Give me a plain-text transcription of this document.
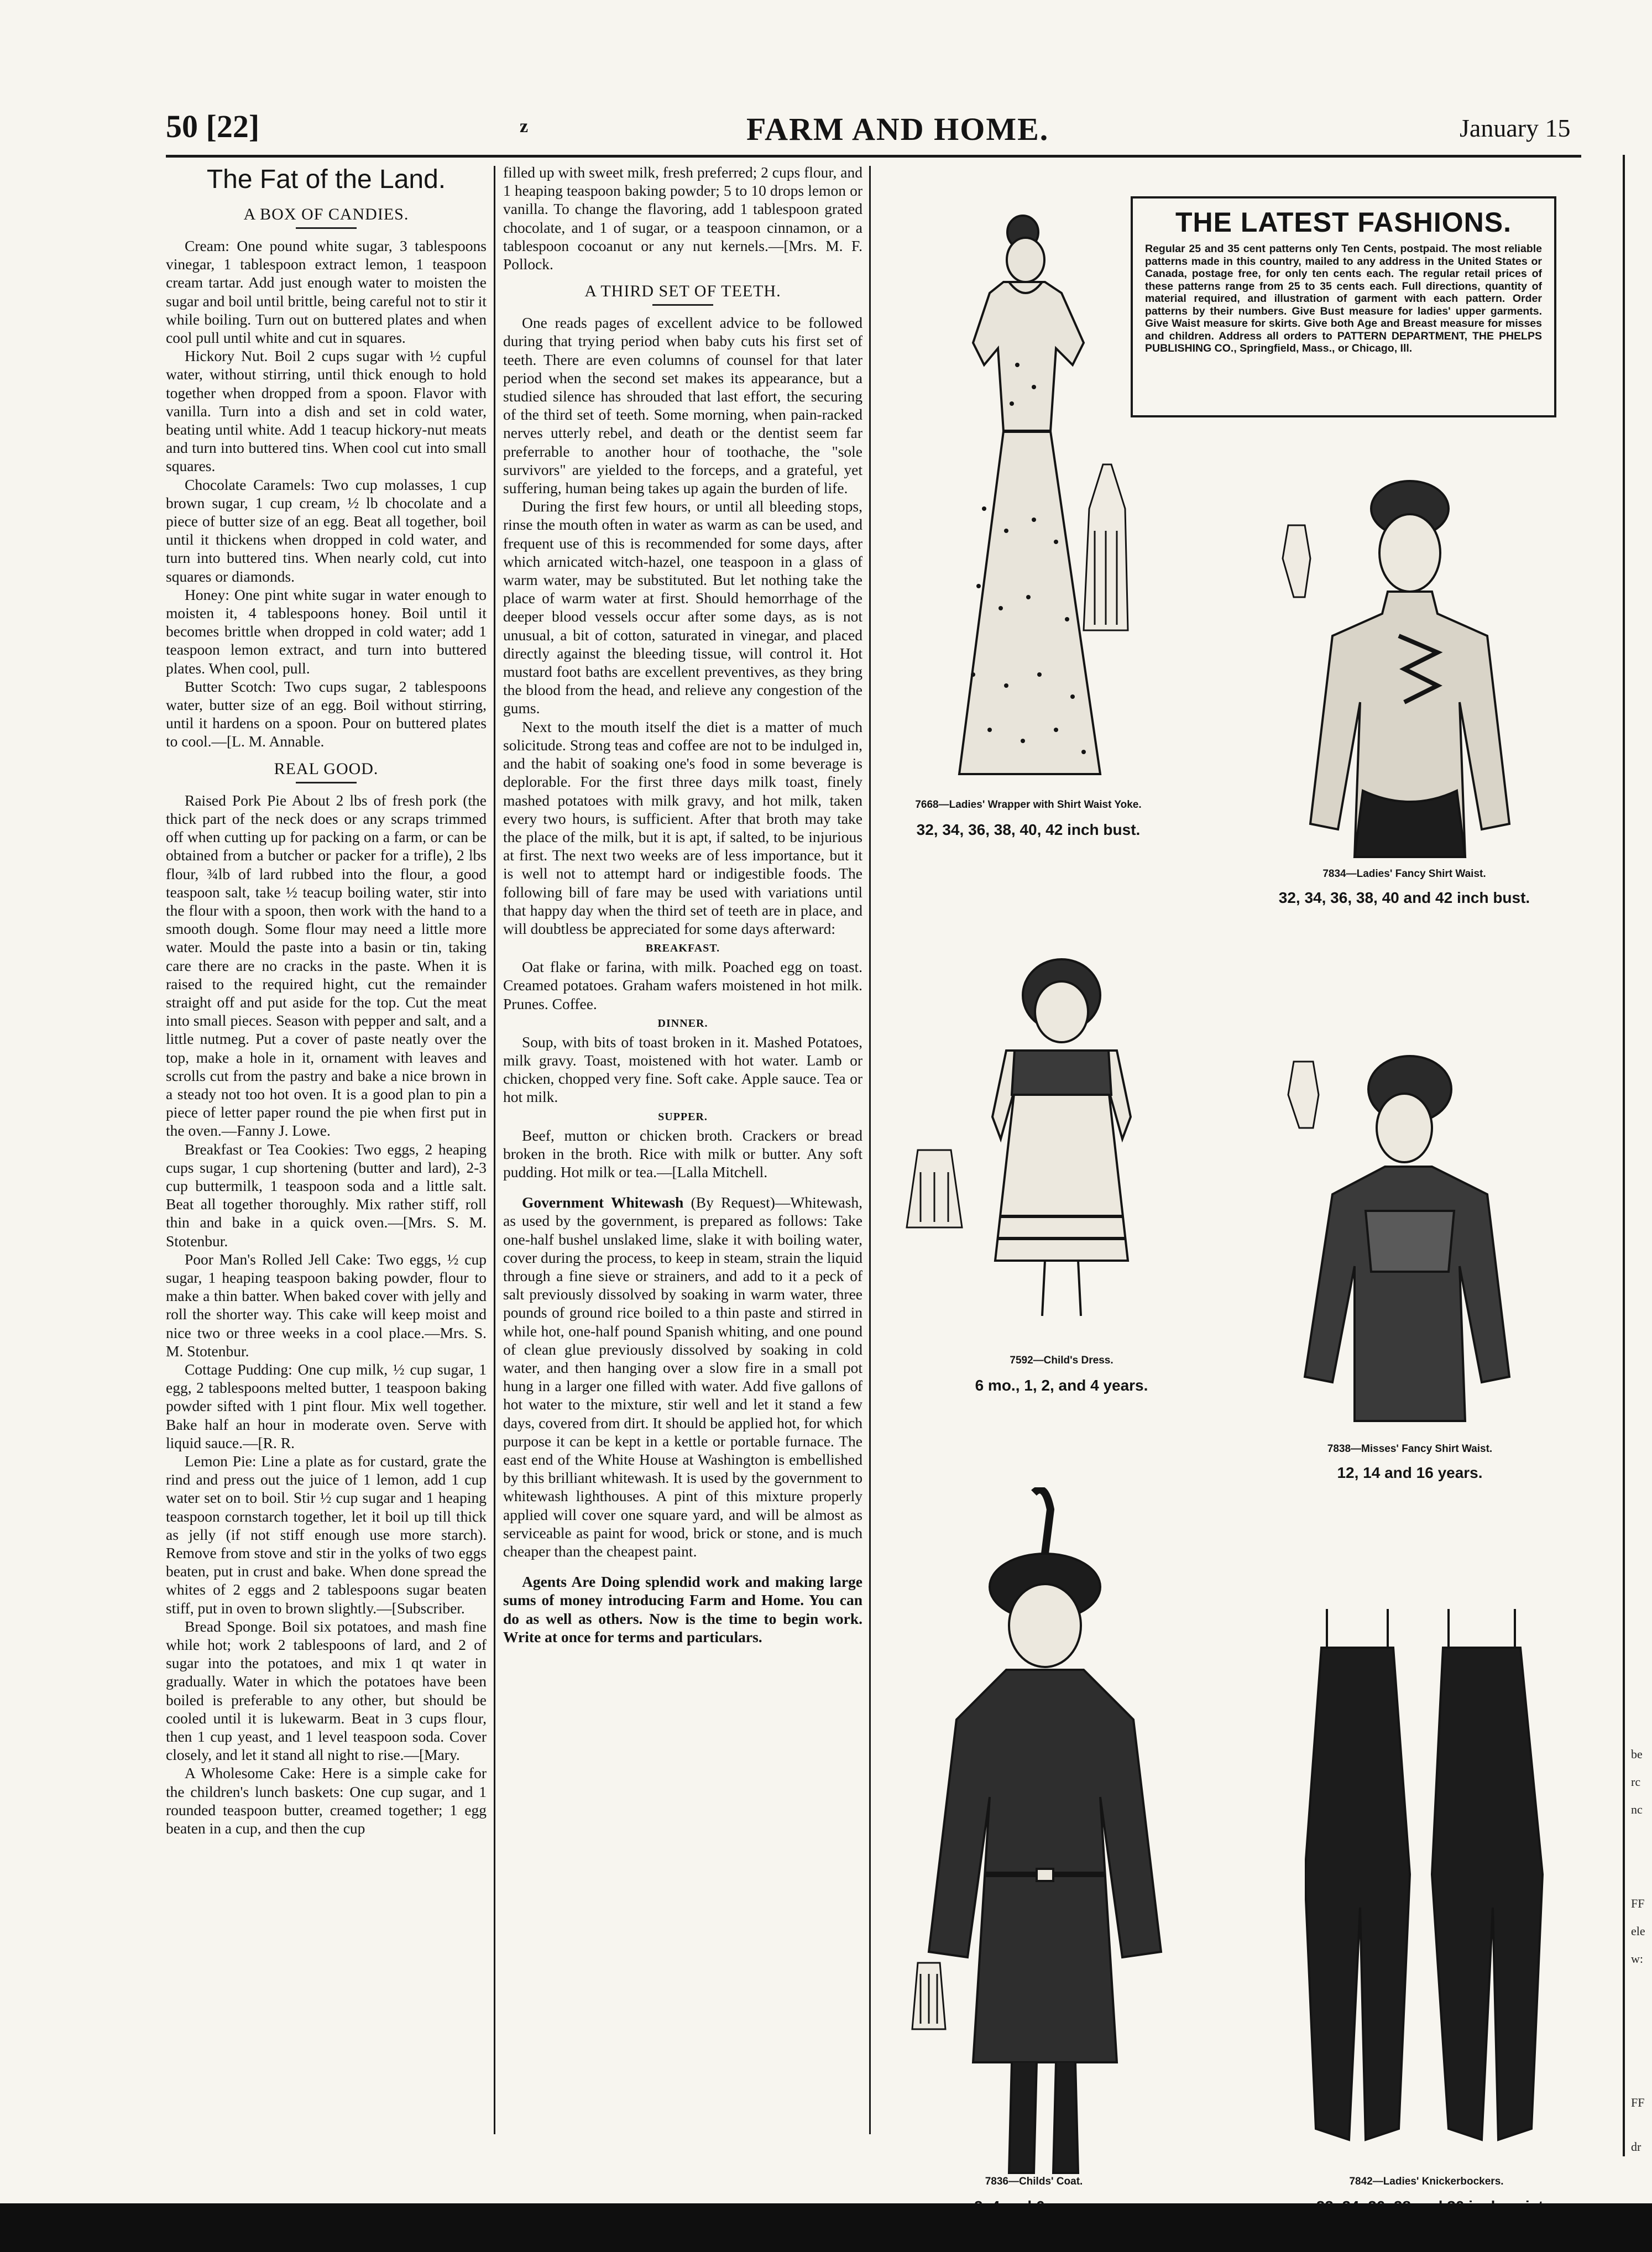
50 [22]	z	FARM AND HOME.	January 15
The Fat of the Land.
A BOX OF CANDIES.

Cream: One pound white sugar, 3 tablespoons vinegar, 1 tablespoon extract lemon, 1 teaspoon cream tartar. Add just enough water to moisten the sugar and boil until brittle, being careful not to stir it while boiling. Turn out on buttered plates and when cool pull until white and cut in squares.

Hickory Nut. Boil 2 cups sugar with ½ cupful water, without stirring, until thick enough to hold together when dropped from a spoon. Flavor with vanilla. Turn into a dish and set in cold water, beating until white. Add 1 teacup hickory-nut meats and turn into buttered tins. When cool cut into small squares.

Chocolate Caramels: Two cup molasses, 1 cup brown sugar, 1 cup cream, ½ lb chocolate and a piece of butter size of an egg. Beat all together, boil until it thickens when dropped in cold water, and turn into buttered tins. When nearly cold, cut into squares or diamonds.

Honey: One pint white sugar in water enough to moisten it, 4 tablespoons honey. Boil until it becomes brittle when dropped in cold water; add 1 teaspoon lemon extract, and turn into buttered plates. When cool, pull.

Butter Scotch: Two cups sugar, 2 tablespoons water, butter size of an egg. Boil without stirring, until it hardens on a spoon. Pour on buttered plates to cool.—[L. M. Annable.

REAL GOOD.

Raised Pork Pie About 2 lbs of fresh pork (the thick part of the neck does or any scraps trimmed off when cutting up for packing on a farm, or can be obtained from a butcher or packer for a trifle), 2 lbs flour, ¾lb of lard rubbed into the flour, a good teaspoon salt, take ½ teacup boiling water, stir into the flour with a spoon, then work with the hand to a smooth dough. Some flour may need a little more water. Mould the paste into a basin or tin, taking care there are no cracks in the paste. When it is raised to the required hight, cut the remainder straight off and put aside for the top. Cut the meat into small pieces. Season with pepper and salt, and a little nutmeg. Put a cover of paste neatly over the top, make a hole in it, ornament with leaves and scrolls cut from the pastry and bake a nice brown in a steady not too hot oven. It is a good plan to pin a piece of letter paper round the pie when first put in the oven.—Fanny J. Lowe.

Breakfast or Tea Cookies: Two eggs, 2 heaping cups sugar, 1 cup shortening (butter and lard), 2-3 cup buttermilk, 1 teaspoon soda and a little salt. Beat all together thoroughly. Mix rather stiff, roll thin and bake in a quick oven.—[Mrs. S. M. Stotenbur.

Poor Man's Rolled Jell Cake: Two eggs, ½ cup sugar, 1 heaping teaspoon baking powder, flour to make a thin batter. When baked cover with jelly and roll the shorter way. This cake will keep moist and nice two or three weeks in a cool place.—Mrs. S. M. Stotenbur.

Cottage Pudding: One cup milk, ½ cup sugar, 1 egg, 2 tablespoons melted butter, 1 teaspoon baking powder sifted with 1 pint flour. Mix well together. Bake half an hour in moderate oven. Serve with liquid sauce.—[R. R.

Lemon Pie: Line a plate as for custard, grate the rind and press out the juice of 1 lemon, add 1 cup water set on to boil. Stir ½ cup sugar and 1 heaping teaspoon cornstarch together, let it boil up till thick as jelly (if not stiff enough use more starch). Remove from stove and stir in the yolks of two eggs beaten, put in crust and bake. When done spread the whites of 2 eggs and 2 tablespoons sugar beaten stiff, put in oven to brown slightly.—[Subscriber.

Bread Sponge. Boil six potatoes, and mash fine while hot; work 2 tablespoons of lard, and 2 of sugar into the potatoes, and mix 1 qt water in gradually. Water in which the potatoes have been boiled is preferable to any other, but should be cooled until it is lukewarm. Beat in 3 cups flour, then 1 cup yeast, and 1 level teaspoon soda. Cover closely, and let it stand all night to rise.—[Mary.

A Wholesome Cake: Here is a simple cake for the children's lunch baskets: One cup sugar, and 1 rounded teaspoon butter, creamed together; 1 egg beaten in a cup, and then the cup

filled up with sweet milk, fresh preferred; 2 cups flour, and 1 heaping teaspoon baking powder; 5 to 10 drops lemon or vanilla. To change the flavoring, add 1 tablespoon grated chocolate, and 1 of sugar, or a teaspoon cinnamon, or a tablespoon cocoanut or any nut kernels.—[Mrs. M. F. Pollock.

A THIRD SET OF TEETH.

One reads pages of excellent advice to be followed during that trying period when baby cuts his first set of teeth. There are even columns of counsel for that later period when the second set makes its appearance, but a studied silence has shrouded that last effort, the securing of the third set of teeth. Some morning, when pain-racked nerves utterly rebel, and death or the dentist seem far preferrable to another hour of toothache, the "sole survivors" are yielded to the forceps, and a grateful, yet suffering, human being takes up again the burden of life.

During the first few hours, or until all bleeding stops, rinse the mouth often in water as warm as can be used, and frequent use of this is recommended for some days, after which arnicated witch-hazel, one teaspoon in a glass of warm water, may be substituted. But let nothing take the place of warm water at first. Should hemorrhage of the deeper blood vessels occur after some days, as is not unusual, a bit of cotton, saturated in vinegar, and placed directly against the bleeding tissue, will control it. Hot mustard foot baths are excellent preventives, as they bring the blood from the head, and relieve any congestion of the gums.

Next to the mouth itself the diet is a matter of much solicitude. Strong teas and coffee are not to be indulged in, and the habit of soaking one's food in some beverage is deplorable. For the first three days milk toast, finely mashed potatoes with milk gravy, and hot milk, taken every two hours, is sufficient. After that broth may take the place of the milk, but it is apt, if salted, to be injurious at first. The next two weeks are of less importance, but it is well not to attempt hard or indigestible foods. The following bill of fare may be used with variations until that happy day when the third set of teeth are in place, and will doubtless be appreciated for some days afterward:

BREAKFAST.

Oat flake or farina, with milk. Poached egg on toast. Creamed potatoes. Graham wafers moistened in hot milk. Prunes. Coffee.

DINNER.

Soup, with bits of toast broken in it. Mashed Potatoes, milk gravy. Toast, moistened with hot water. Lamb or chicken, chopped very fine. Soft cake. Apple sauce. Tea or hot milk.

SUPPER.

Beef, mutton or chicken broth. Crackers or bread broken in the broth. Rice with milk or butter. Any soft pudding. Hot milk or tea.—[Lalla Mitchell.

Government Whitewash (By Request)—Whitewash, as used by the government, is prepared as follows: Take one-half bushel unslaked lime, slake it with boiling water, cover during the process, to keep in steam, strain the liquid through a fine sieve or strainers, and add to it a peck of salt previously dissolved by soaking in warm water, three pounds of ground rice boiled to a thin paste and stirred in while hot, one-half pound Spanish whiting, and one pound of clean glue previously dissolved by soaking in cold water, and then hanging over a slow fire in a small pot hung in a larger one filled with water. Add five gallons of hot water to the mixture, stir well and let it stand a few days, covered from dirt. It should be applied hot, for which purpose it can be kept in a kettle or portable furnace. The east end of the White House at Washington is embellished by this brilliant whitewash. It is used by the government to whitewash lighthouses. A pint of this mixture properly applied will cover one square yard, and will be almost as serviceable as paint for wood, brick or stone, and is much cheaper than the cheapest paint.

Agents Are Doing splendid work and making large sums of money introducing Farm and Home. You can do as well as others. Now is the time to begin work. Write at once for terms and particulars.

THE LATEST FASHIONS.
Regular 25 and 35 cent patterns only Ten Cents, postpaid. The most reliable patterns made in this country, mailed to any address in the United States or Canada, postage free, for only ten cents each. The regular retail prices of these patterns range from 25 to 35 cents each. Full directions, quantity of material required, and illustration of garment with each pattern. Order patterns by their numbers. Give Bust measure for ladies' upper garments. Give Waist measure for skirts. Give both Age and Breast measure for misses and children. Address all orders to PATTERN DEPARTMENT, THE PHELPS PUBLISHING CO., Springfield, Mass., or Chicago, Ill.
7668—Ladies' Wrapper with Shirt Waist Yoke.
32, 34, 36, 38, 40, 42 inch bust.
7834—Ladies' Fancy Shirt Waist.
32, 34, 36, 38, 40 and 42 inch bust.
7592—Child's Dress.
6 mo., 1, 2, and 4 years.
7838—Misses' Fancy Shirt Waist.
12, 14 and 16 years.
7836—Childs' Coat.	7842—Ladies' Knickerbockers.
be
rc
nc
FF
ele
w:
FF
dr
